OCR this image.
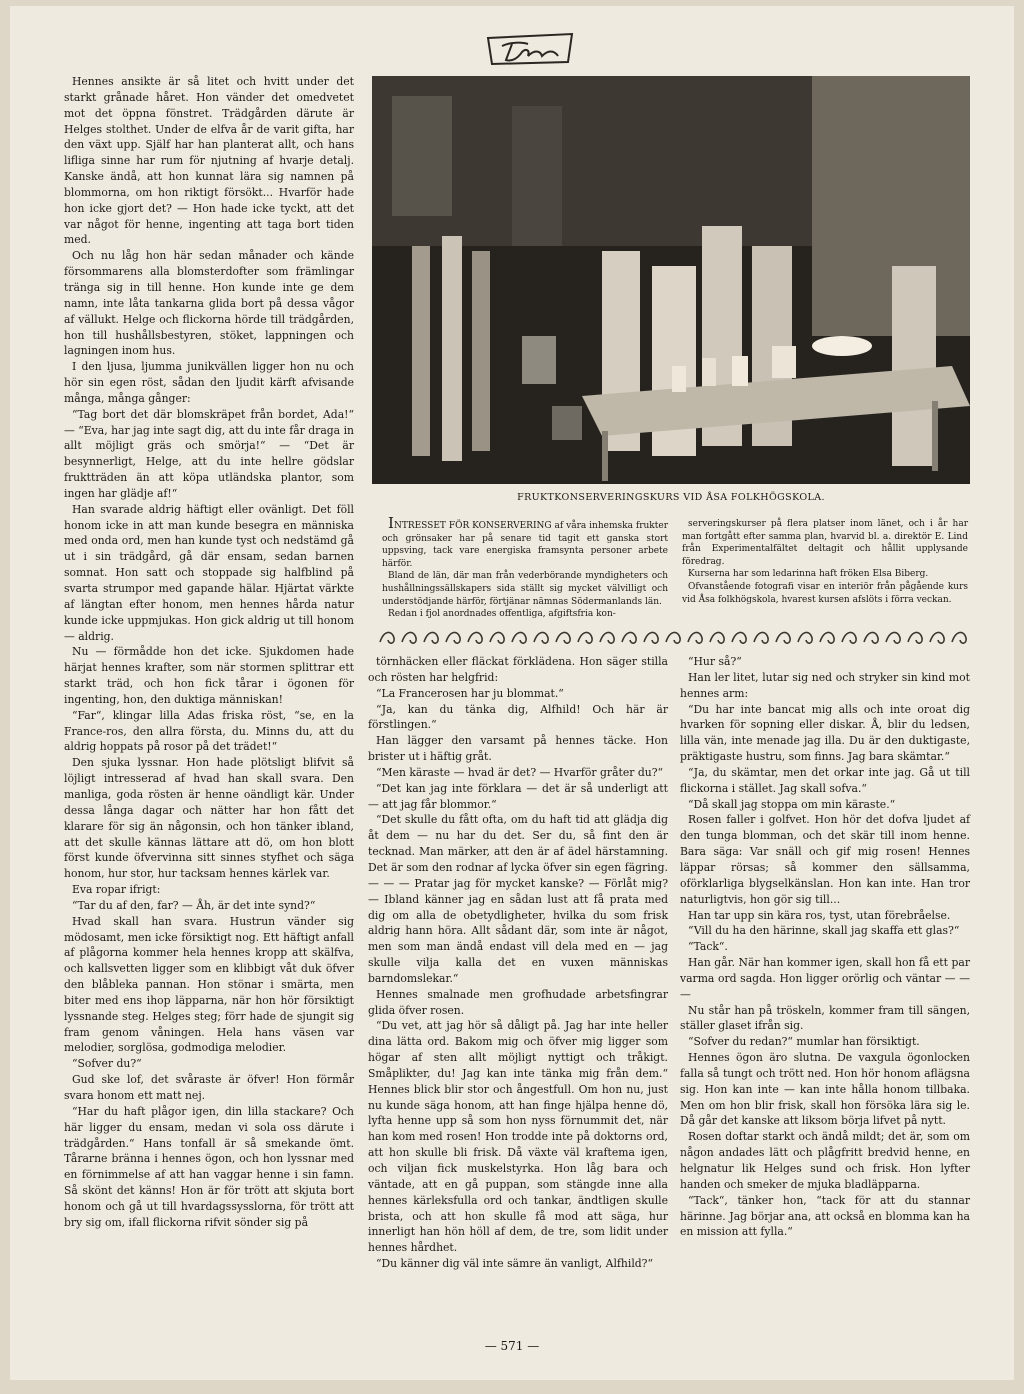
Hennes ansikte är så litet och hvitt under det starkt grånade håret. Hon vänder det omedvetet mot det öppna fönstret. Trädgården därute är Helges stolthet. Under de elfva år de varit gifta, har den växt upp. Själf har han planterat allt, och hans lifliga sinne har rum för njutning af hvarje detalj. Kanske ändå, att hon kunnat lära sig namnen på blommorna, om hon riktigt försökt... Hvarför hade hon icke gjort det? — Hon hade icke tyckt, att det var något för henne, ingenting att taga bort tiden med.

Och nu låg hon här sedan månader och kände försommarens alla blomsterdofter som främlingar tränga sig in till henne. Hon kunde inte ge dem namn, inte låta tankarna glida bort på dessa vågor af vällukt. Helge och flickorna hörde till trädgården, hon till hushållsbestyren, stöket, lappningen och lagningen inom hus.

I den ljusa, ljumma junikvällen ligger hon nu och hör sin egen röst, sådan den ljudit kärft afvisande många, många gånger:

“Tag bort det där blomskräpet från bordet, Ada!“ — “Eva, har jag inte sagt dig, att du inte får draga in allt möjligt gräs och smörja!“ — “Det är besynnerligt, Helge, att du inte hellre gödslar fruktträden än att köpa utländska plantor, som ingen har glädje af!“

Han svarade aldrig häftigt eller ovänligt. Det föll honom icke in att man kunde besegra en människa med onda ord, men han kunde tyst och nedstämd gå ut i sin trädgård, gå där ensam, sedan barnen somnat. Hon satt och stoppade sig halfblind på svarta strumpor med gapande hälar. Hjärtat värkte af längtan efter honom, men hennes hårda natur kunde icke uppmjukas. Hon gick aldrig ut till honom — aldrig.

Nu — förmådde hon det icke. Sjukdomen hade härjat hennes krafter, som när stormen splittrar ett starkt träd, och hon fick tårar i ögonen för ingenting, hon, den duktiga människan!

“Far“, klingar lilla Adas friska röst, “se, en la France-ros, den allra första, du. Minns du, att du aldrig hoppats på rosor på det trädet!“

Den sjuka lyssnar. Hon hade plötsligt blifvit så löjligt intresserad af hvad han skall svara. Den manliga, goda rösten är henne oändligt kär. Under dessa långa dagar och nätter har hon fått det klarare för sig än någonsin, och hon tänker ibland, att det skulle kännas lättare att dö, om hon blott först kunde öfvervinna sitt sinnes styfhet och säga honom, hur stor, hur tacksam hennes kärlek var.

Eva ropar ifrigt:

“Tar du af den, far? — Åh, är det inte synd?“

Hvad skall han svara. Hustrun vänder sig mödosamt, men icke försiktigt nog. Ett häftigt anfall af plågorna kommer hela hennes kropp att skälfva, och kallsvetten ligger som en klibbigt våt duk öfver den blåbleka pannan. Hon stönar i smärta, men biter med ens ihop läpparna, när hon hör försiktigt lyssnande steg. Helges steg; förr hade de sjungit sig fram genom våningen. Hela hans väsen var melodier, sorglösa, godmodiga melodier.

“Sofver du?“

Gud ske lof, det svåraste är öfver! Hon förmår svara honom ett matt nej.

“Har du haft plågor igen, din lilla stackare? Och här ligger du ensam, medan vi sola oss därute i trädgården.“ Hans tonfall är så smekande ömt. Tårarne bränna i hennes ögon, och hon lyssnar med en förnimmelse af att han vaggar henne i sin famn. Så skönt det känns! Hon är för trött att skjuta bort honom och gå ut till hvardagssysslorna, för trött att bry sig om, ifall flickorna rifvit sönder sig på

FRUKTKONSERVERINGSKURS VID ÅSA FOLKHÖGSKOLA.

INTRESSET FÖR KONSERVERING af våra inhemska frukter och grönsaker har på senare tid tagit ett ganska stort uppsving, tack vare energiska framsynta personer arbete härför.

Bland de län, där man från vederbörande myndigheters och hushållningssällskapers sida ställt sig mycket välvilligt och understödjande härför, förtjänar nämnas Södermanlands län.

Redan i fjol anordnades offentliga, afgiftsfria kon-

serveringskurser på flera platser inom länet, och i år har man fortgått efter samma plan, hvarvid bl. a. direktör E. Lind från Experimentalfältet deltagit och hållit upplysande föredrag.

Kurserna har som ledarinna haft fröken Elsa Biberg.

Ofvanstående fotografi visar en interiör från pågående kurs vid Åsa folkhögskola, hvarest kursen afslöts i förra veckan.

törnhäcken eller fläckat förklädena. Hon säger stilla och rösten har helgfrid:

“La Francerosen har ju blommat.“

“Ja, kan du tänka dig, Alfhild! Och här är förstlingen.“

Han lägger den varsamt på hennes täcke. Hon brister ut i häftig gråt.

“Men käraste — hvad är det? — Hvarför gråter du?“

“Det kan jag inte förklara — det är så underligt att — att jag får blommor.“

“Det skulle du fått ofta, om du haft tid att glädja dig åt dem — nu har du det. Ser du, så fint den är tecknad. Man märker, att den är af ädel härstamning. Det är som den rodnar af lycka öfver sin egen fägring. — — — Pratar jag för mycket kanske? — Förlåt mig? — Ibland känner jag en sådan lust att få prata med dig om alla de obetydligheter, hvilka du som frisk aldrig hann höra. Allt sådant där, som inte är något, men som man ändå endast vill dela med en — jag skulle vilja kalla det en vuxen människas barndomslekar.“

Hennes smalnade men grofhudade arbetsfingrar glida öfver rosen.

“Du vet, att jag hör så dåligt på. Jag har inte heller dina lätta ord. Bakom mig och öfver mig ligger som högar af sten allt möjligt nyttigt och tråkigt. Småplikter, du! Jag kan inte tänka mig från dem.“ Hennes blick blir stor och ångestfull. Om hon nu, just nu kunde säga honom, att han finge hjälpa henne dö, lyfta henne upp så som hon nyss förnummit det, när han kom med rosen! Hon trodde inte på doktorns ord, att hon skulle bli frisk. Då växte väl kraftema igen, och viljan fick muskelstyrka. Hon låg bara och väntade, att en gå puppan, som stängde inne alla hennes kärleksfulla ord och tankar, ändtligen skulle brista, och att hon skulle få mod att säga, hur innerligt han hön höll af dem, de tre, som lidit under hennes hårdhet.

“Du känner dig väl inte sämre än vanligt, Alfhild?“

“Hur så?“

Han ler litet, lutar sig ned och stryker sin kind mot hennes arm:

“Du har inte bancat mig alls och inte oroat dig hvarken för sopning eller diskar. Å, blir du ledsen, lilla vän, inte menade jag illa. Du är den duktigaste, präktigaste hustru, som finns. Jag bara skämtar.“

“Ja, du skämtar, men det orkar inte jag. Gå ut till flickorna i stället. Jag skall sofva.“

“Då skall jag stoppa om min käraste.“

Rosen faller i golfvet. Hon hör det dofva ljudet af den tunga blomman, och det skär till inom henne. Bara säga: Var snäll och gif mig rosen! Hennes läppar rörsas; så kommer den sällsamma, oförklarliga blygselkänslan. Hon kan inte. Han tror naturligtvis, hon gör sig till...

Han tar upp sin kära ros, tyst, utan förebråelse.

“Vill du ha den härinne, skall jag skaffa ett glas?“

“Tack“.

Han går. När han kommer igen, skall hon få ett par varma ord sagda. Hon ligger orörlig och väntar — — —

Nu står han på tröskeln, kommer fram till sängen, ställer glaset ifrån sig.

“Sofver du redan?“ mumlar han försiktigt.

Hennes ögon äro slutna. De vaxgula ögonlocken falla så tungt och trött ned. Hon hör honom aflägsna sig. Hon kan inte — kan inte hålla honom tillbaka. Men om hon blir frisk, skall hon försöka lära sig le. Då går det kanske att liksom börja lifvet på nytt.

Rosen doftar starkt och ändå mildt; det är, som om någon andades lätt och plågfritt bredvid henne, en helgnatur lik Helges sund och frisk. Hon lyfter handen och smeker de mjuka bladläpparna.

“Tack“, tänker hon, “tack för att du stannar härinne. Jag börjar ana, att också en blomma kan ha en mission att fylla.“

— 571 —
